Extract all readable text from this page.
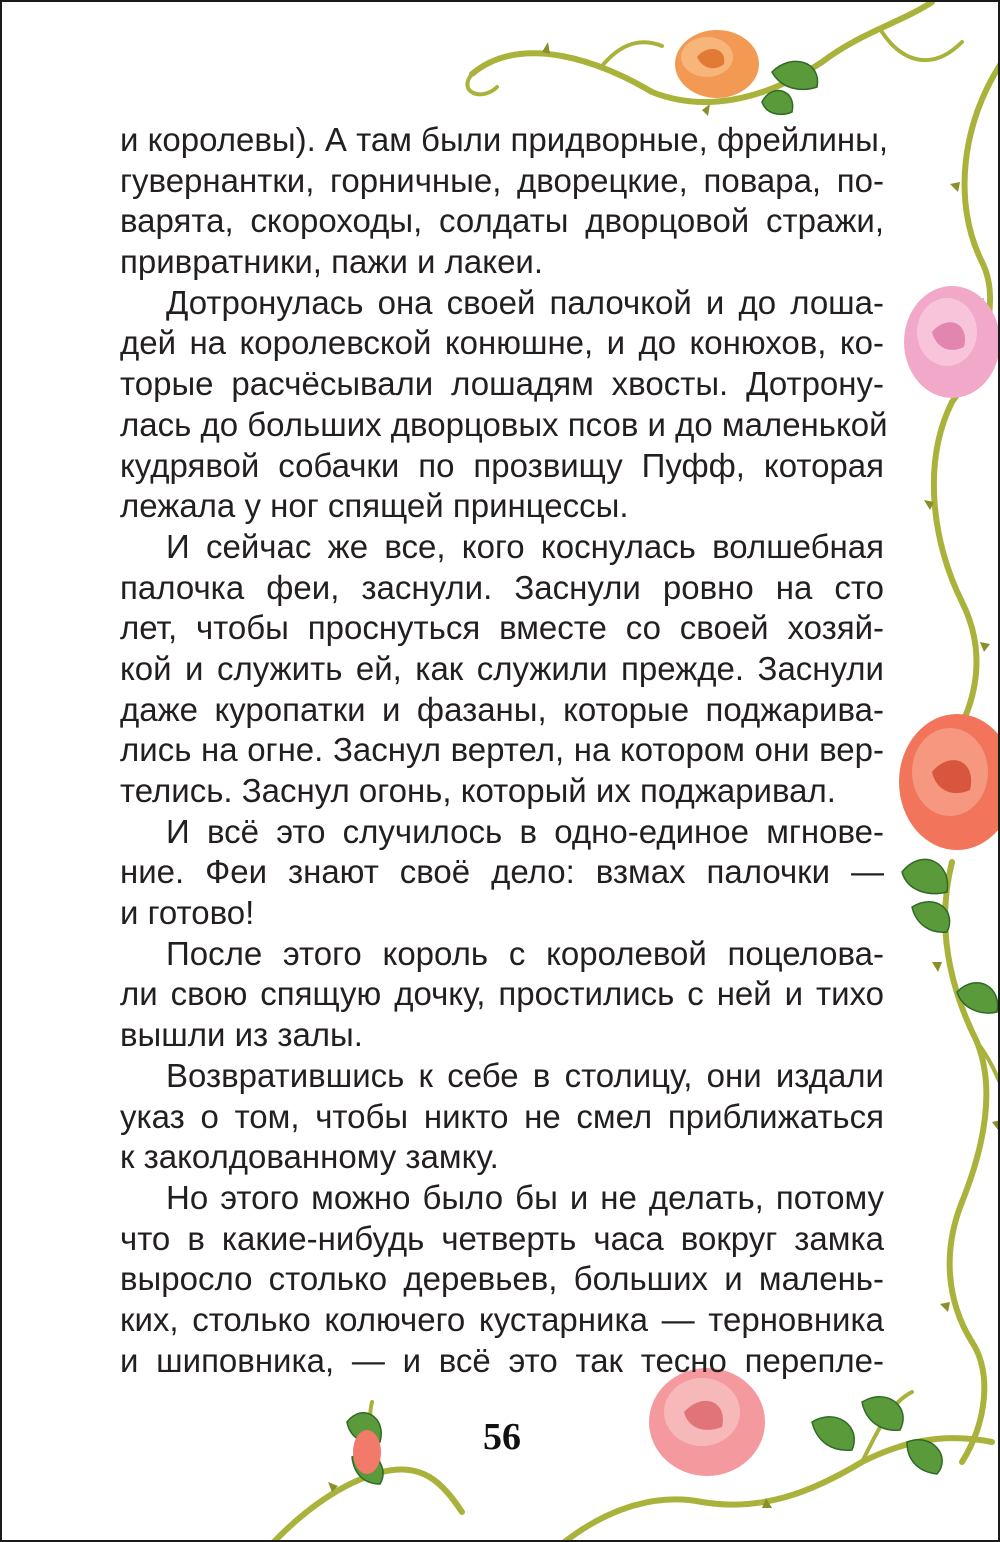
и королевы). А там были придворные, фрейлины,
гувернантки, горничные, дворецкие, повара, по-
варята, скороходы, солдаты дворцовой стражи,
привратники, пажи и лакеи.
Дотронулась она своей палочкой и до лоша-
дей на королевской конюшне, и до конюхов, ко-
торые расчёсывали лошадям хвосты. Дотрону-
лась до больших дворцовых псов и до маленькой
кудрявой собачки по прозвищу Пуфф, которая
лежала у ног спящей принцессы.
И сейчас же все, кого коснулась волшебная
палочка феи, заснули. Заснули ровно на сто
лет, чтобы проснуться вместе со своей хозяй-
кой и служить ей, как служили прежде. Заснули
даже куропатки и фазаны, которые поджарива-
лись на огне. Заснул вертел, на котором они вер-
телись. Заснул огонь, который их поджаривал.
И всё это случилось в одно-единое мгнове-
ние. Феи знают своё дело: взмах палочки —
и готово!
После этого король с королевой поцелова-
ли свою спящую дочку, простились с ней и тихо
вышли из залы.
Возвратившись к себе в столицу, они издали
указ о том, чтобы никто не смел приближаться
к заколдованному замку.
Но этого можно было бы и не делать, потому
что в какие-нибудь четверть часа вокруг замка
выросло столько деревьев, больших и малень-
ких, столько колючего кустарника — терновника
и шиповника, — и всё это так тесно перепле-
56
